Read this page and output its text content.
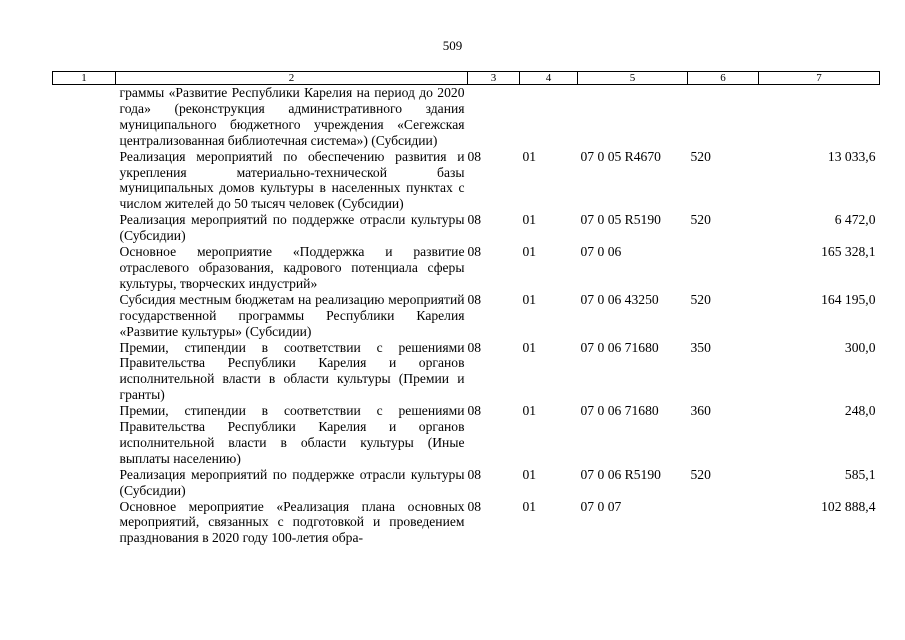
509
1	2	3	4	5	6	7
	граммы «Развитие Республики Карелия на период до 2020 года» (реконструкция административного здания муниципального бюджетного учреждения «Сегежская централизованная библиотечная система») (Субсидии)					
	Реализация мероприятий по обеспечению развития и укрепления материально-технической базы муниципальных домов культуры в населенных пунктах с числом жителей до 50 тысяч человек (Субсидии)	08	01	07 0 05 R4670	520	13 033,6
	Реализация мероприятий по поддержке отрасли культуры (Субсидии)	08	01	07 0 05 R5190	520	6 472,0
	Основное мероприятие «Поддержка и развитие отраслевого образования, кадрового потенциала сферы культуры, творческих индустрий»	08	01	07 0 06		165 328,1
	Субсидия местным бюджетам на реализацию мероприятий государственной программы Республики Карелия «Развитие культуры» (Субсидии)	08	01	07 0 06 43250	520	164 195,0
	Премии, стипендии в соответствии с решениями Правительства Республики Карелия и органов исполнительной власти в области культуры (Премии и гранты)	08	01	07 0 06 71680	350	300,0
	Премии, стипендии в соответствии с решениями Правительства Республики Карелия и органов исполнительной власти в области культуры (Иные выплаты населению)	08	01	07 0 06 71680	360	248,0
	Реализация мероприятий по поддержке отрасли культуры (Субсидии)	08	01	07 0 06 R5190	520	585,1
	Основное мероприятие «Реализация плана основных мероприятий, связанных с подготовкой и проведением празднования в 2020 году 100-летия обра-	08	01	07 0 07		102 888,4
